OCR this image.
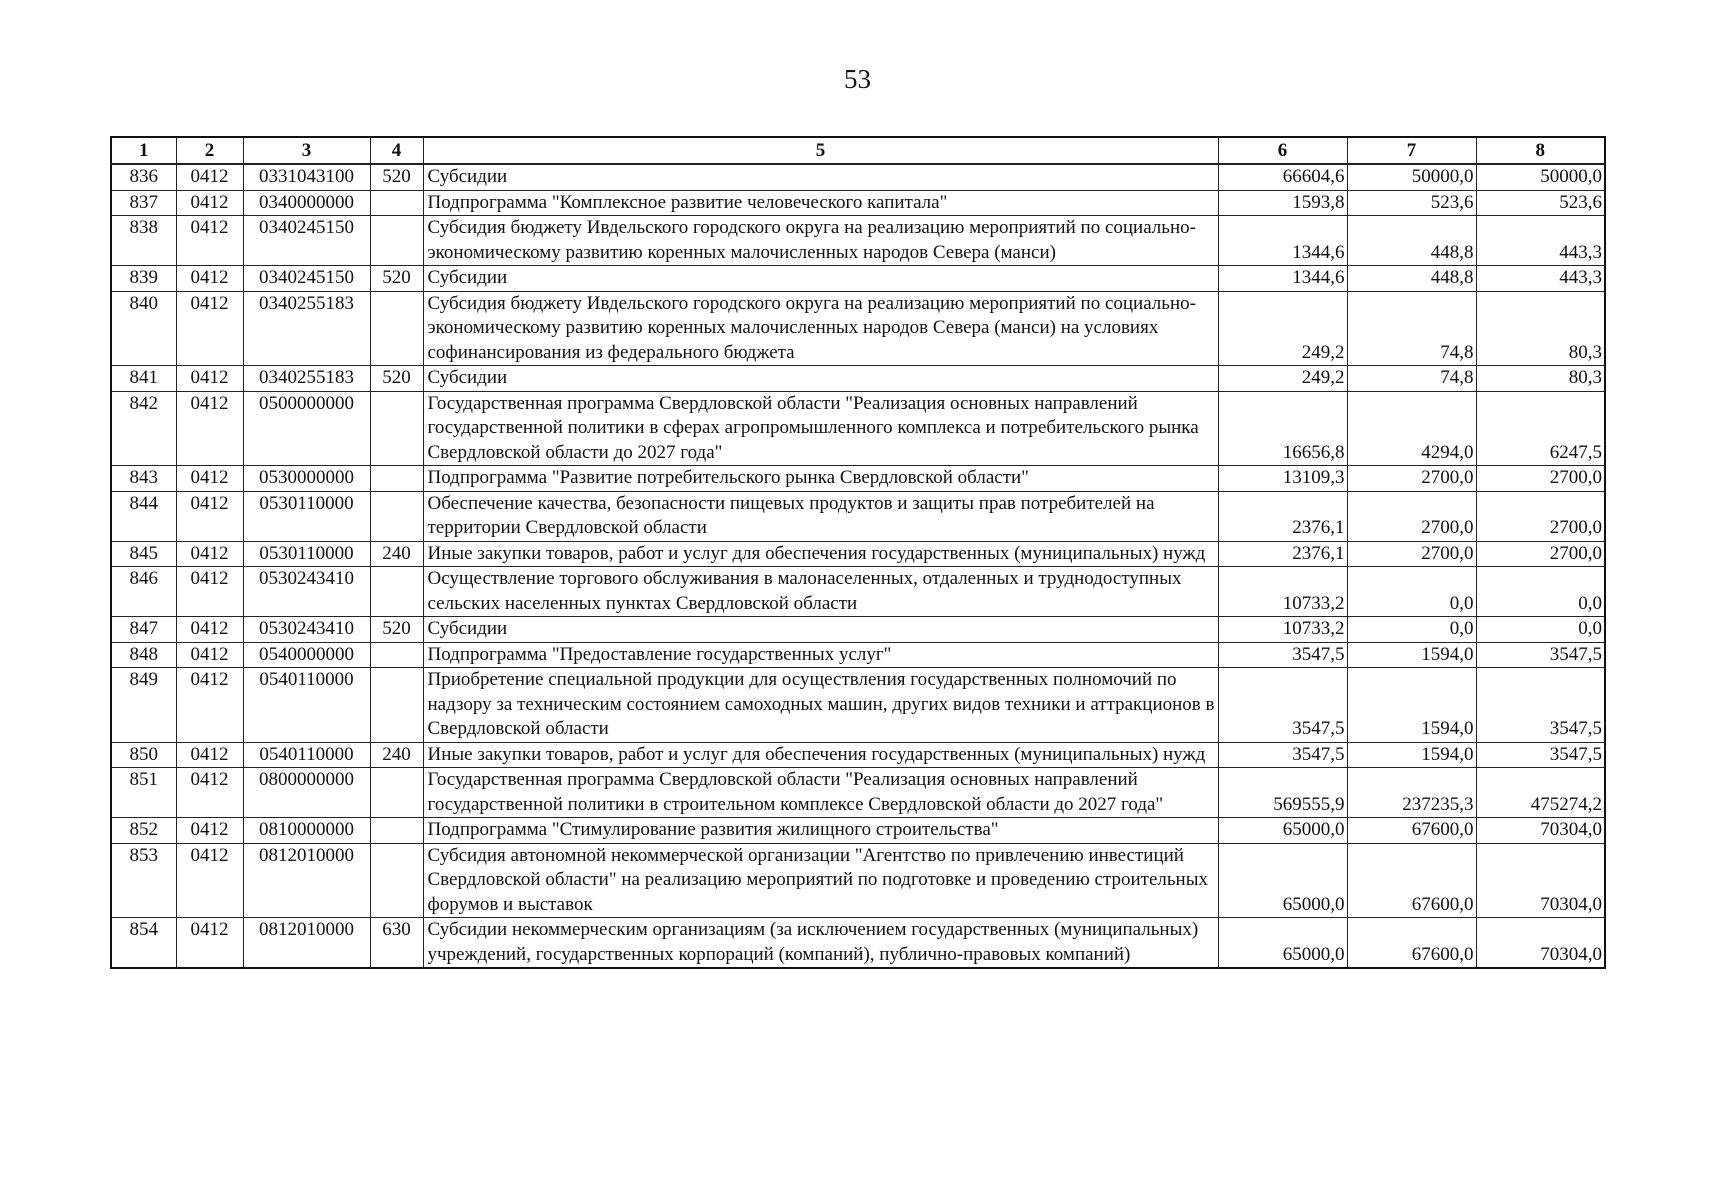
53
1	2	3	4	5	6	7	8
836	0412	0331043100	520	Субсидии	66604,6	50000,0	50000,0
837	0412	0340000000		Подпрограмма "Комплексное развитие человеческого капитала"	1593,8	523,6	523,6
838	0412	0340245150		Субсидия бюджету Ивдельского городского округа на реализацию мероприятий по социально-экономическому развитию коренных малочисленных народов Севера (манси)	1344,6	448,8	443,3
839	0412	0340245150	520	Субсидии	1344,6	448,8	443,3
840	0412	0340255183		Субсидия бюджету Ивдельского городского округа на реализацию мероприятий по социально-экономическому развитию коренных малочисленных народов Севера (манси) на условиях софинансирования из федерального бюджета	249,2	74,8	80,3
841	0412	0340255183	520	Субсидии	249,2	74,8	80,3
842	0412	0500000000		Государственная программа Свердловской области "Реализация основных направлений государственной политики в сферах агропромышленного комплекса и потребительского рынка Свердловской области до 2027 года"	16656,8	4294,0	6247,5
843	0412	0530000000		Подпрограмма "Развитие потребительского рынка Свердловской области"	13109,3	2700,0	2700,0
844	0412	0530110000		Обеспечение качества, безопасности пищевых продуктов и защиты прав потребителей на территории Свердловской области	2376,1	2700,0	2700,0
845	0412	0530110000	240	Иные закупки товаров, работ и услуг для обеспечения государственных (муниципальных) нужд	2376,1	2700,0	2700,0
846	0412	0530243410		Осуществление торгового обслуживания в малонаселенных, отдаленных и труднодоступных сельских населенных пунктах Свердловской области	10733,2	0,0	0,0
847	0412	0530243410	520	Субсидии	10733,2	0,0	0,0
848	0412	0540000000		Подпрограмма "Предоставление государственных услуг"	3547,5	1594,0	3547,5
849	0412	0540110000		Приобретение специальной продукции для осуществления государственных полномочий по надзору за техническим состоянием самоходных машин, других видов техники и аттракционов в Свердловской области	3547,5	1594,0	3547,5
850	0412	0540110000	240	Иные закупки товаров, работ и услуг для обеспечения государственных (муниципальных) нужд	3547,5	1594,0	3547,5
851	0412	0800000000		Государственная программа Свердловской области "Реализация основных направлений государственной политики в строительном комплексе Свердловской области до 2027 года"	569555,9	237235,3	475274,2
852	0412	0810000000		Подпрограмма "Стимулирование развития жилищного строительства"	65000,0	67600,0	70304,0
853	0412	0812010000		Субсидия автономной некоммерческой организации "Агентство по привлечению инвестиций Свердловской области" на реализацию мероприятий по подготовке и проведению строительных форумов и выставок	65000,0	67600,0	70304,0
854	0412	0812010000	630	Субсидии некоммерческим организациям (за исключением государственных (муниципальных) учреждений, государственных корпораций (компаний), публично-правовых компаний)	65000,0	67600,0	70304,0
